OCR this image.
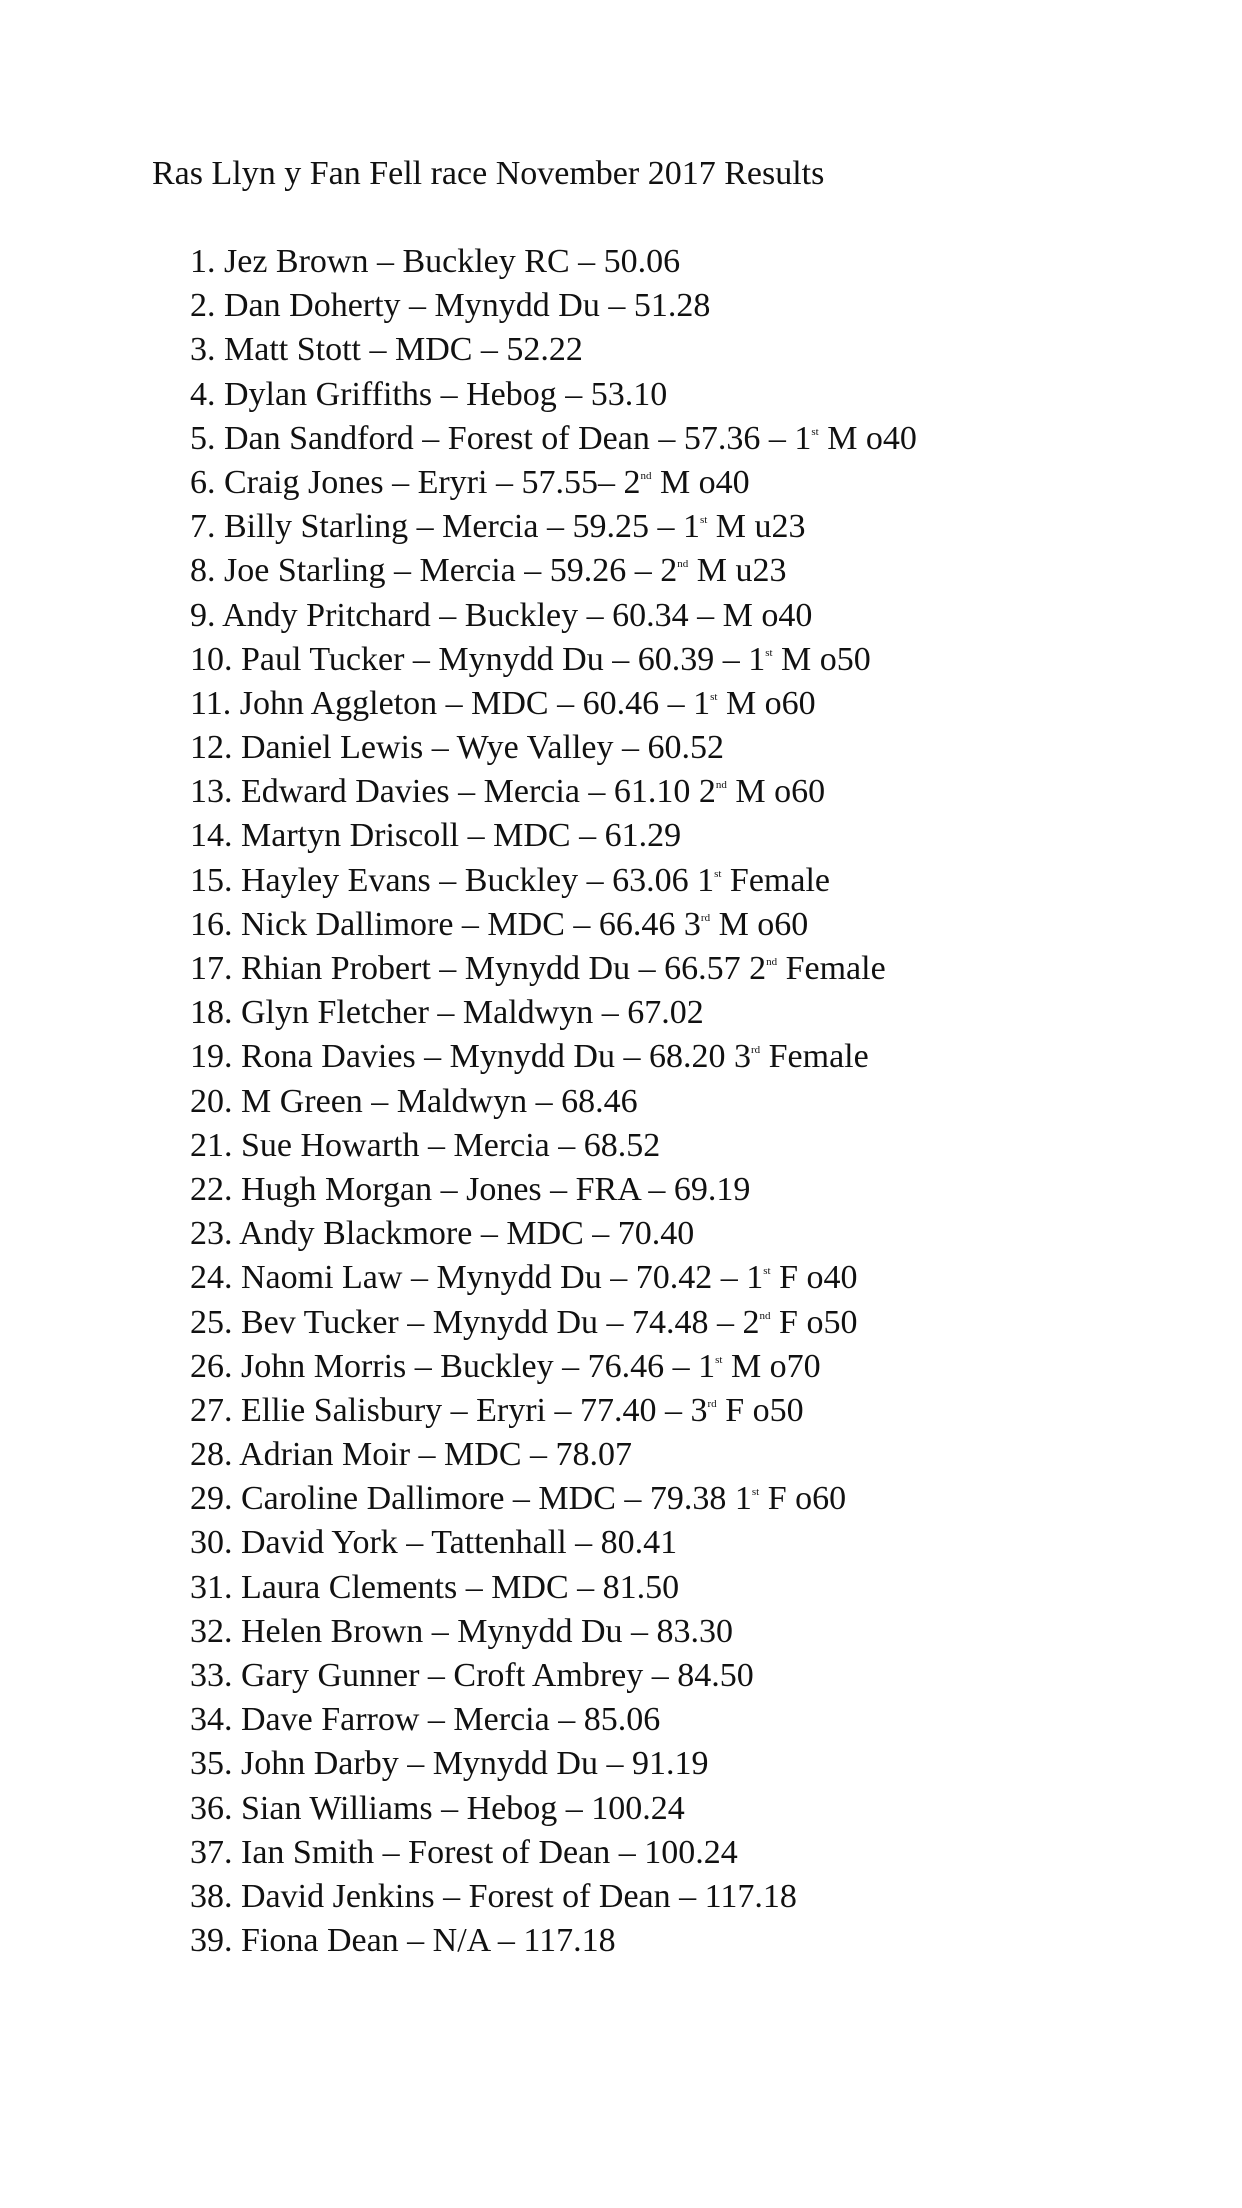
Ras Llyn y Fan Fell race November 2017 Results
1. Jez Brown – Buckley RC – 50.06
2. Dan Doherty – Mynydd Du – 51.28
3. Matt Stott – MDC – 52.22
4. Dylan Griffiths – Hebog – 53.10
5. Dan Sandford – Forest of Dean – 57.36 – 1st M o40
6. Craig Jones – Eryri – 57.55– 2nd M o40
7. Billy Starling – Mercia – 59.25 – 1st M u23
8. Joe Starling – Mercia – 59.26 – 2nd M u23
9. Andy Pritchard – Buckley – 60.34 – M o40
10. Paul Tucker – Mynydd Du – 60.39 – 1st M o50
11. John Aggleton – MDC – 60.46 – 1st M o60
12. Daniel Lewis – Wye Valley – 60.52
13. Edward Davies – Mercia – 61.10 2nd M o60
14. Martyn Driscoll – MDC – 61.29
15. Hayley Evans – Buckley – 63.06 1st Female
16. Nick Dallimore – MDC – 66.46 3rd M o60
17. Rhian Probert – Mynydd Du – 66.57 2nd Female
18. Glyn Fletcher – Maldwyn – 67.02
19. Rona Davies – Mynydd Du – 68.20 3rd Female
20. M Green – Maldwyn – 68.46
21. Sue Howarth – Mercia – 68.52
22. Hugh Morgan – Jones – FRA – 69.19
23. Andy Blackmore – MDC – 70.40
24. Naomi Law – Mynydd Du – 70.42 – 1st F o40
25. Bev Tucker – Mynydd Du – 74.48 – 2nd F o50
26. John Morris – Buckley – 76.46 – 1st M o70
27. Ellie Salisbury – Eryri – 77.40 – 3rd F o50
28. Adrian Moir – MDC – 78.07
29. Caroline Dallimore – MDC – 79.38 1st F o60
30. David York – Tattenhall – 80.41
31. Laura Clements – MDC – 81.50
32. Helen Brown – Mynydd Du – 83.30
33. Gary Gunner – Croft Ambrey – 84.50
34. Dave Farrow – Mercia – 85.06
35. John Darby – Mynydd Du – 91.19
36. Sian Williams – Hebog – 100.24
37. Ian Smith – Forest of Dean – 100.24
38. David Jenkins – Forest of Dean – 117.18
39. Fiona Dean – N/A – 117.18
